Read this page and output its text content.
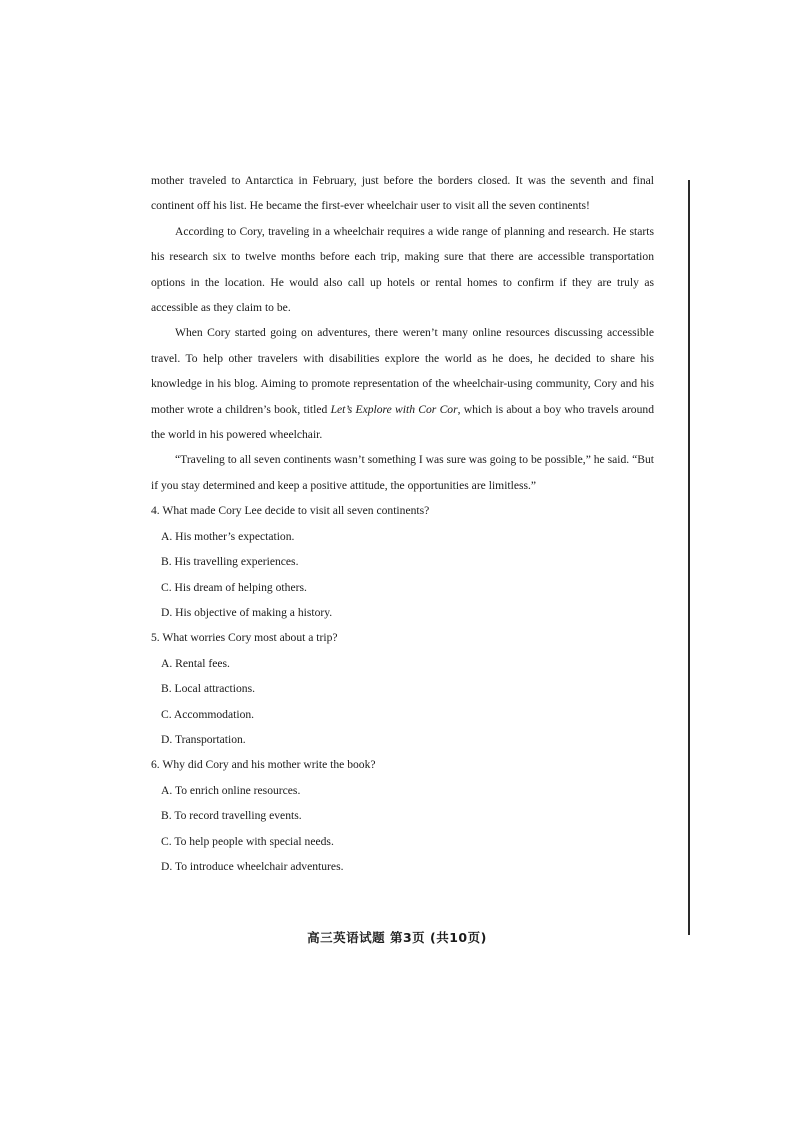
mother traveled to Antarctica in February, just before the borders closed. It was the seventh and final continent off his list. He became the first-ever wheelchair user to visit all the seven continents!

According to Cory, traveling in a wheelchair requires a wide range of planning and research. He starts his research six to twelve months before each trip, making sure that there are accessible transportation options in the location. He would also call up hotels or rental homes to confirm if they are truly as accessible as they claim to be.

When Cory started going on adventures, there weren’t many online resources discussing accessible travel. To help other travelers with disabilities explore the world as he does, he decided to share his knowledge in his blog. Aiming to promote representation of the wheelchair-using community, Cory and his mother wrote a children’s book, titled Let’s Explore with Cor Cor, which is about a boy who travels around the world in his powered wheelchair.

“Traveling to all seven continents wasn’t something I was sure was going to be possible,” he said. “But if you stay determined and keep a positive attitude, the opportunities are limitless.”

4. What made Cory Lee decide to visit all seven continents?

A. His mother’s expectation.

B. His travelling experiences.

C. His dream of helping others.

D. His objective of making a history.

5. What worries Cory most about a trip?

A. Rental fees.

B. Local attractions.

C. Accommodation.

D. Transportation.

6. Why did Cory and his mother write the book?

A. To enrich online resources.

B. To record travelling events.

C. To help people with special needs.

D. To introduce wheelchair adventures.

高三英语试题 第3页 (共10页)
